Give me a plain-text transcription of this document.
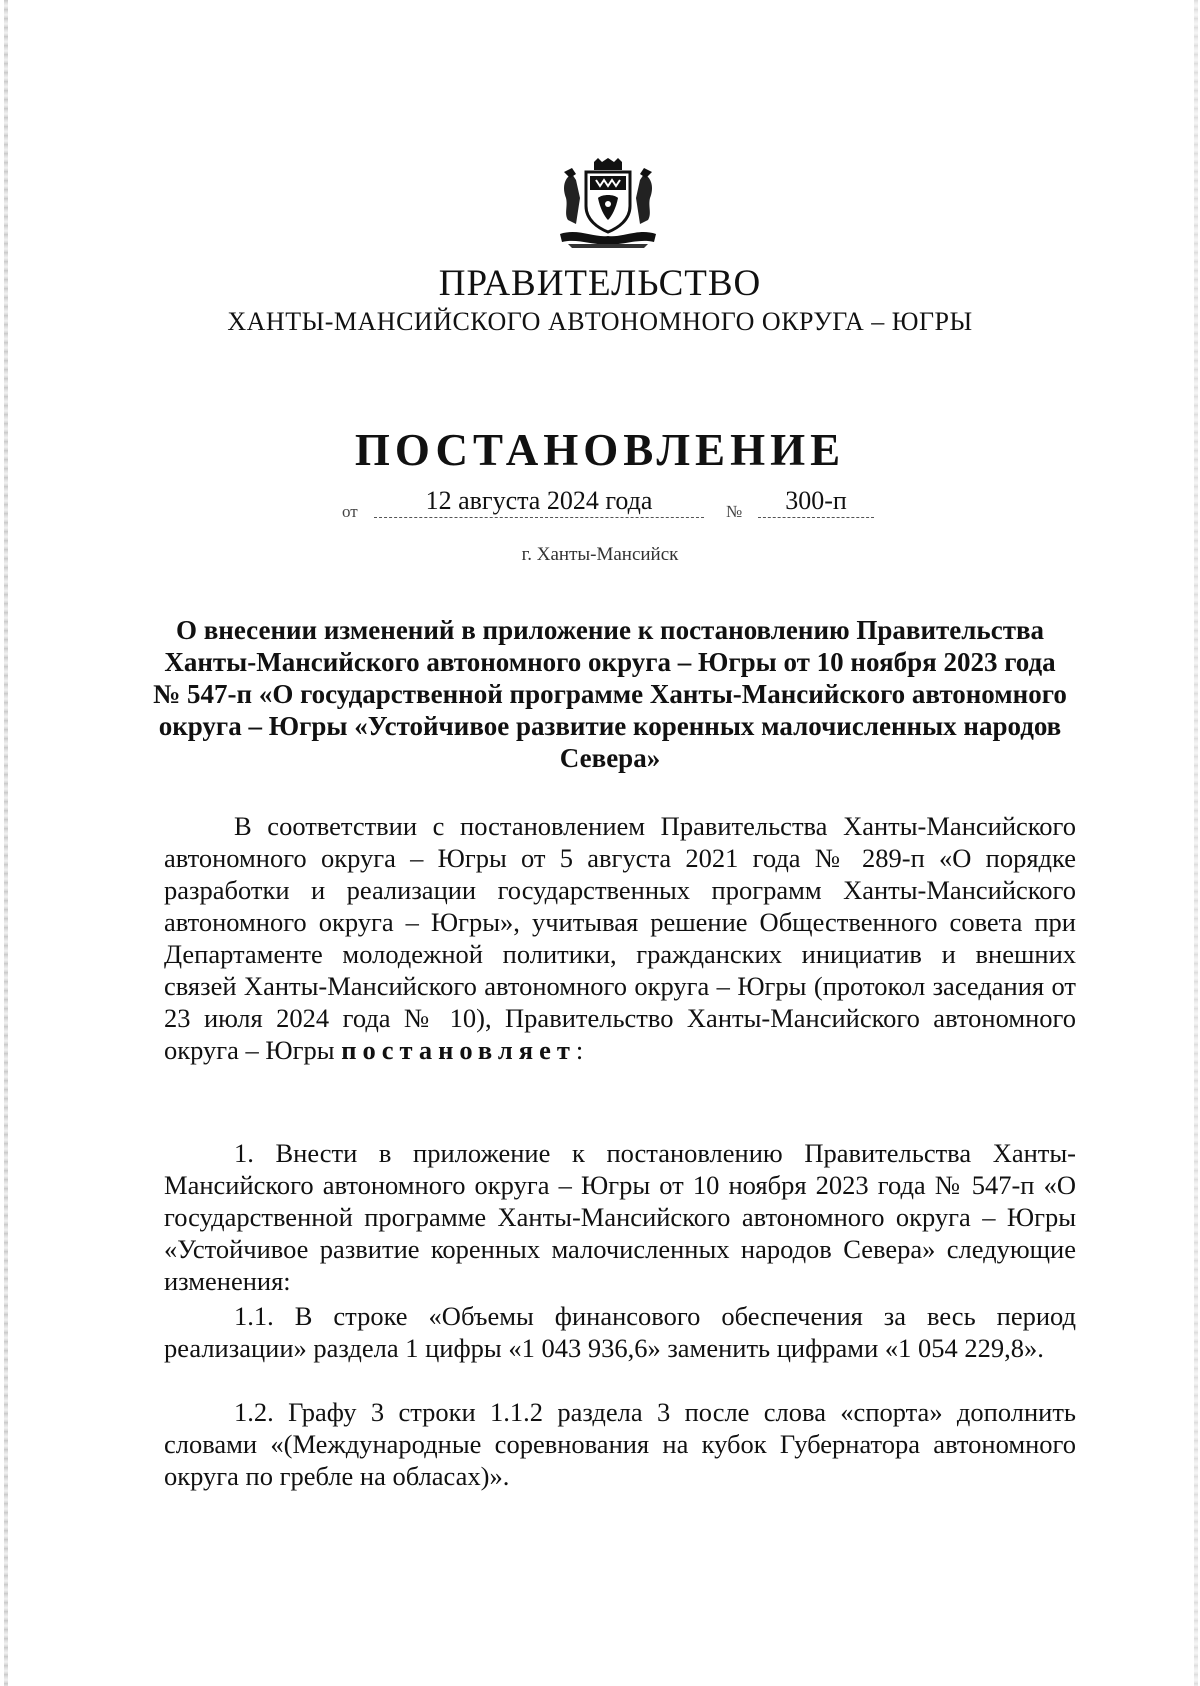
ПРАВИТЕЛЬСТВО
ХАНТЫ-МАНСИЙСКОГО АВТОНОМНОГО ОКРУГА – ЮГРЫ
ПОСТАНОВЛЕНИЕ
от	12 августа 2024 года	№	300-п
г. Ханты-Мансийск
О внесении изменений в приложение к постановлению Правительства Ханты-Мансийского автономного округа – Югры от 10 ноября 2023 года № 547-п «О государственной программе Ханты-Мансийского автономного округа – Югры «Устойчивое развитие коренных малочисленных народов Севера»
В соответствии с постановлением Правительства Ханты-Мансийского автономного округа – Югры от 5 августа 2021 года № 289-п «О порядке разработки и реализации государственных программ Ханты-Мансийского автономного округа – Югры», учитывая решение Общественного совета при Департаменте молодежной политики, гражданских инициатив и внешних связей Ханты-Мансийского автономного округа – Югры (протокол заседания от 23 июля 2024 года № 10), Правительство Ханты-Мансийского автономного округа – Югры постановляет:
1. Внести в приложение к постановлению Правительства Ханты-Мансийского автономного округа – Югры от 10 ноября 2023 года № 547-п «О государственной программе Ханты-Мансийского автономного округа – Югры «Устойчивое развитие коренных малочисленных народов Севера» следующие изменения:
1.1. В строке «Объемы финансового обеспечения за весь период реализации» раздела 1 цифры «1 043 936,6» заменить цифрами «1 054 229,8».
1.2. Графу 3 строки 1.1.2 раздела 3 после слова «спорта» дополнить словами «(Международные соревнования на кубок Губернатора автономного округа по гребле на обласах)».
